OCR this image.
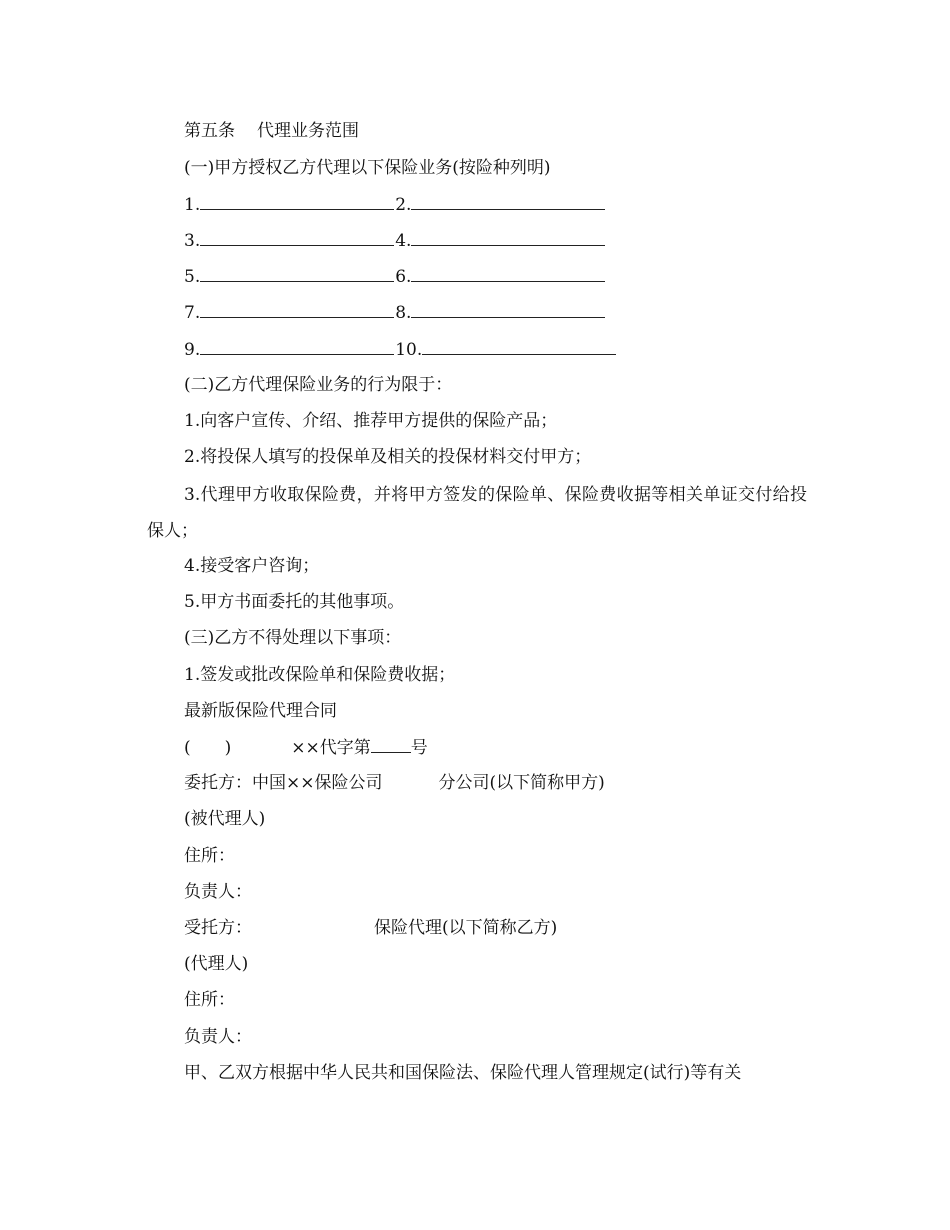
第五条 代理业务范围
(一)甲方授权乙方代理以下保险业务(按险种列明)
1.	2.
3.	4.
5.	6.
7.	8.
9.	10.
(二)乙方代理保险业务的行为限于：
1.向客户宣传、介绍、推荐甲方提供的保险产品；
2.将投保人填写的投保单及相关的投保材料交付甲方；
3.代理甲方收取保险费，并将甲方签发的保险单、保险费收据等相关单证交付给投保人；
4.接受客户咨询；
5.甲方书面委托的其他事项。
(三)乙方不得处理以下事项：
1.签发或批改保险单和保险费收据；
最新版保险代理合同
(　　)	××代字第 号
委托方：中国××保险公司	分公司(以下简称甲方)
(被代理人)
住所：
负责人：
受托方：	保险代理(以下简称乙方)
(代理人)
住所：
负责人：
甲、乙双方根据中华人民共和国保险法、保险代理人管理规定(试行)等有关
